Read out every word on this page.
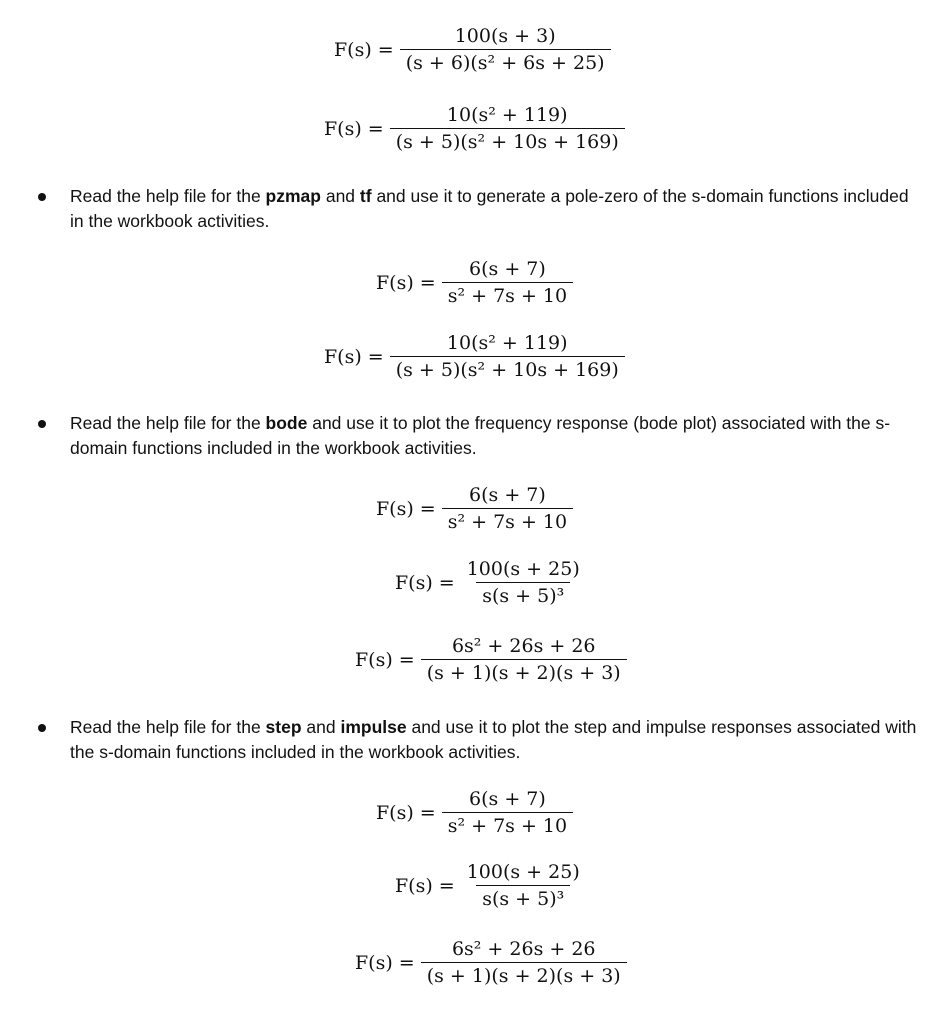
$F(s) = \frac{100(s + 3)}{\text{(s + 6)(s² + 6s + 25)}}$
$F(s) = \frac{\text{10(s² + 119)}}{\text{(s + 5)(s² + 10s + 169)}}$
Read the help file for the pzmap and tf and use it to generate a pole-zero of the s-domain functions included in the workbook activities.
$F(s) = \frac{6(s + 7)}{\text{s² + 7s + 10}}$
$F(s) = \frac{\text{10(s² + 119)}}{\text{(s + 5)(s² + 10s + 169)}}$
Read the help file for the bode and use it to plot the frequency response (bode plot) associated with the s-domain functions included in the workbook activities.
$F(s) = \frac{6(s + 7)}{\text{s² + 7s + 10}}$
$F(s) = \frac{100(s + 25)}{\text{s(s + 5)³}}$
$F(s) = \frac{\text{6s² + 26s + 26}}{(s + 1)(s + 2)(s + 3)}$
Read the help file for the step and impulse and use it to plot the step and impulse responses associated with the s-domain functions included in the workbook activities.
$F(s) = \frac{6(s + 7)}{\text{s² + 7s + 10}}$
$F(s) = \frac{100(s + 25)}{\text{s(s + 5)³}}$
$F(s) = \frac{\text{6s² + 26s + 26}}{(s + 1)(s + 2)(s + 3)}$
